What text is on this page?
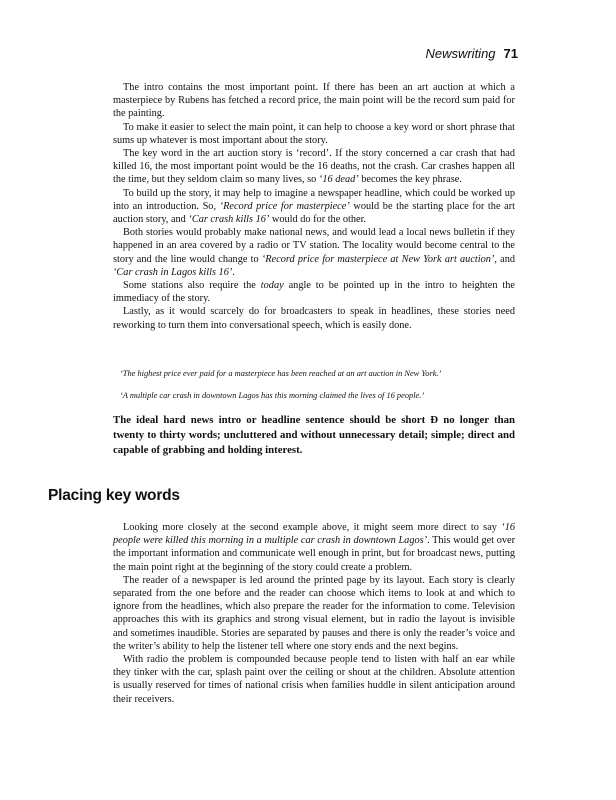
Newswriting 71

The intro contains the most important point. If there has been an art auction at which a masterpiece by Rubens has fetched a record price, the main point will be the record sum paid for the painting.

To make it easier to select the main point, it can help to choose a key word or short phrase that sums up whatever is most important about the story.

The key word in the art auction story is ‘record’. If the story concerned a car crash that had killed 16, the most important point would be the 16 deaths, not the crash. Car crashes happen all the time, but they seldom claim so many lives, so ‘16 dead’ becomes the key phrase.

To build up the story, it may help to imagine a newspaper headline, which could be worked up into an introduction. So, ‘Record price for masterpiece’ would be the starting place for the art auction story, and ‘Car crash kills 16’ would do for the other.

Both stories would probably make national news, and would lead a local news bulletin if they happened in an area covered by a radio or TV station. The locality would become central to the story and the line would change to ‘Record price for masterpiece at New York art auction’, and ‘Car crash in Lagos kills 16’.

Some stations also require the today angle to be pointed up in the intro to heighten the immediacy of the story.

Lastly, as it would scarcely do for broadcasters to speak in headlines, these stories need reworking to turn them into conversational speech, which is easily done.

‘The highest price ever paid for a masterpiece has been reached at an art auction in New York.’

‘A multiple car crash in downtown Lagos has this morning claimed the lives of 16 people.’

The ideal hard news intro or headline sentence should be short Ð no longer than twenty to thirty words; uncluttered and without unnecessary detail; simple; direct and capable of grabbing and holding interest.
Placing key words

Looking more closely at the second example above, it might seem more direct to say ‘16 people were killed this morning in a multiple car crash in downtown Lagos’. This would get over the important information and communicate well enough in print, but for broadcast news, putting the main point right at the beginning of the story could create a problem.

The reader of a newspaper is led around the printed page by its layout. Each story is clearly separated from the one before and the reader can choose which items to look at and which to ignore from the headlines, which also prepare the reader for the information to come. Television approaches this with its graphics and strong visual element, but in radio the layout is invisible and sometimes inaudible. Stories are separated by pauses and there is only the reader’s voice and the writer’s ability to help the listener tell where one story ends and the next begins.

With radio the problem is compounded because people tend to listen with half an ear while they tinker with the car, splash paint over the ceiling or shout at the children. Absolute attention is usually reserved for times of national crisis when families huddle in silent anticipation around their receivers.
